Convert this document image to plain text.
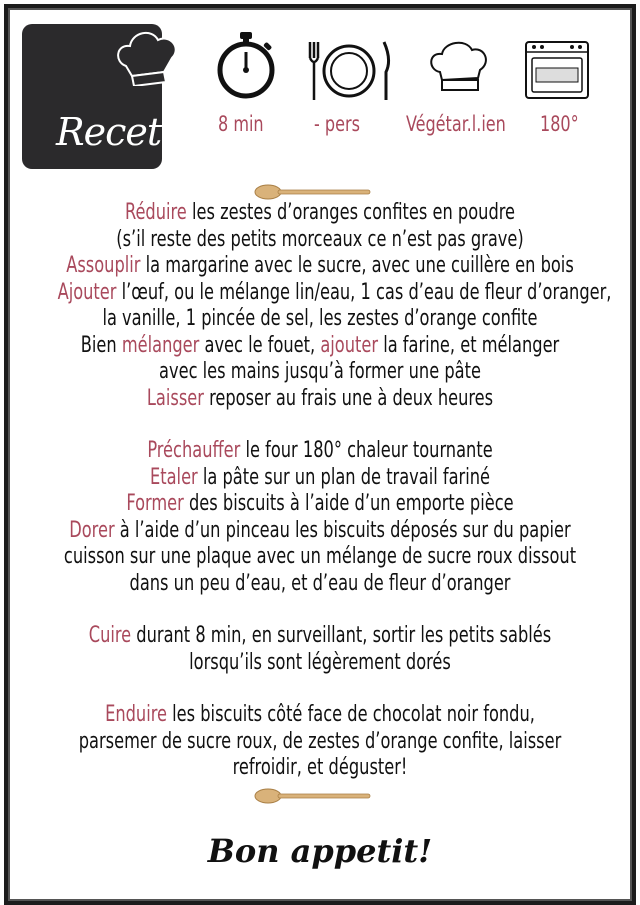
Recette 8 min - pers Végétar.l.ien 180°
Réduire les zestes d’oranges confites en poudre
(s’il reste des petits morceaux ce n’est pas grave)
Assouplir la margarine avec le sucre, avec une cuillère en bois
Ajouter l’œuf, ou le mélange lin/eau, 1 cas d’eau de fleur d’oranger,
la vanille, 1 pincée de sel, les zestes d’orange confite
Bien mélanger avec le fouet, ajouter la farine, et mélanger
avec les mains jusqu’à former une pâte
Laisser reposer au frais une à deux heures
Préchauffer le four 180° chaleur tournante
Etaler la pâte sur un plan de travail fariné
Former des biscuits à l’aide d’un emporte pièce
Dorer à l’aide d’un pinceau les biscuits déposés sur du papier
cuisson sur une plaque avec un mélange de sucre roux dissout
dans un peu d’eau, et d’eau de fleur d’oranger
Cuire durant 8 min, en surveillant, sortir les petits sablés
lorsqu’ils sont légèrement dorés
Enduire les biscuits côté face de chocolat noir fondu,
parsemer de sucre roux, de zestes d’orange confite, laisser
refroidir, et déguster!
Bon appetit!
